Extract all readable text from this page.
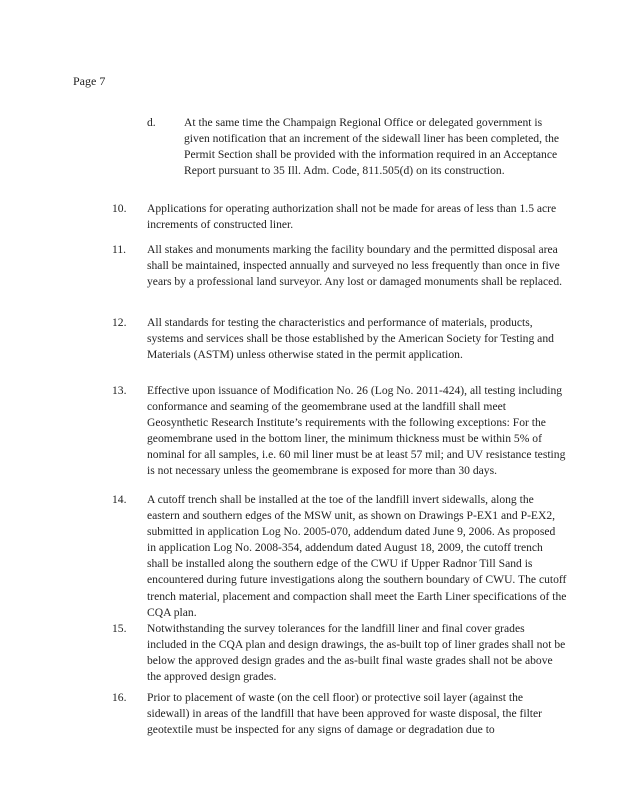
Page 7
d. At the same time the Champaign Regional Office or delegated government is given notification that an increment of the sidewall liner has been completed, the Permit Section shall be provided with the information required in an Acceptance Report pursuant to 35 Ill. Adm. Code, 811.505(d) on its construction.

10. Applications for operating authorization shall not be made for areas of less than 1.5 acre increments of constructed liner.

11. All stakes and monuments marking the facility boundary and the permitted disposal area shall be maintained, inspected annually and surveyed no less frequently than once in five years by a professional land surveyor. Any lost or damaged monuments shall be replaced.

12. All standards for testing the characteristics and performance of materials, products, systems and services shall be those established by the American Society for Testing and Materials (ASTM) unless otherwise stated in the permit application.

13. Effective upon issuance of Modification No. 26 (Log No. 2011-424), all testing including conformance and seaming of the geomembrane used at the landfill shall meet Geosynthetic Research Institute’s requirements with the following exceptions: For the geomembrane used in the bottom liner, the minimum thickness must be within 5% of nominal for all samples, i.e. 60 mil liner must be at least 57 mil; and UV resistance testing is not necessary unless the geomembrane is exposed for more than 30 days.

14. A cutoff trench shall be installed at the toe of the landfill invert sidewalls, along the eastern and southern edges of the MSW unit, as shown on Drawings P-EX1 and P-EX2, submitted in application Log No. 2005-070, addendum dated June 9, 2006. As proposed in application Log No. 2008-354, addendum dated August 18, 2009, the cutoff trench shall be installed along the southern edge of the CWU if Upper Radnor Till Sand is encountered during future investigations along the southern boundary of CWU. The cutoff trench material, placement and compaction shall meet the Earth Liner specifications of the CQA plan.

15. Notwithstanding the survey tolerances for the landfill liner and final cover grades included in the CQA plan and design drawings, the as-built top of liner grades shall not be below the approved design grades and the as-built final waste grades shall not be above the approved design grades.

16. Prior to placement of waste (on the cell floor) or protective soil layer (against the sidewall) in areas of the landfill that have been approved for waste disposal, the filter geotextile must be inspected for any signs of damage or degradation due to
